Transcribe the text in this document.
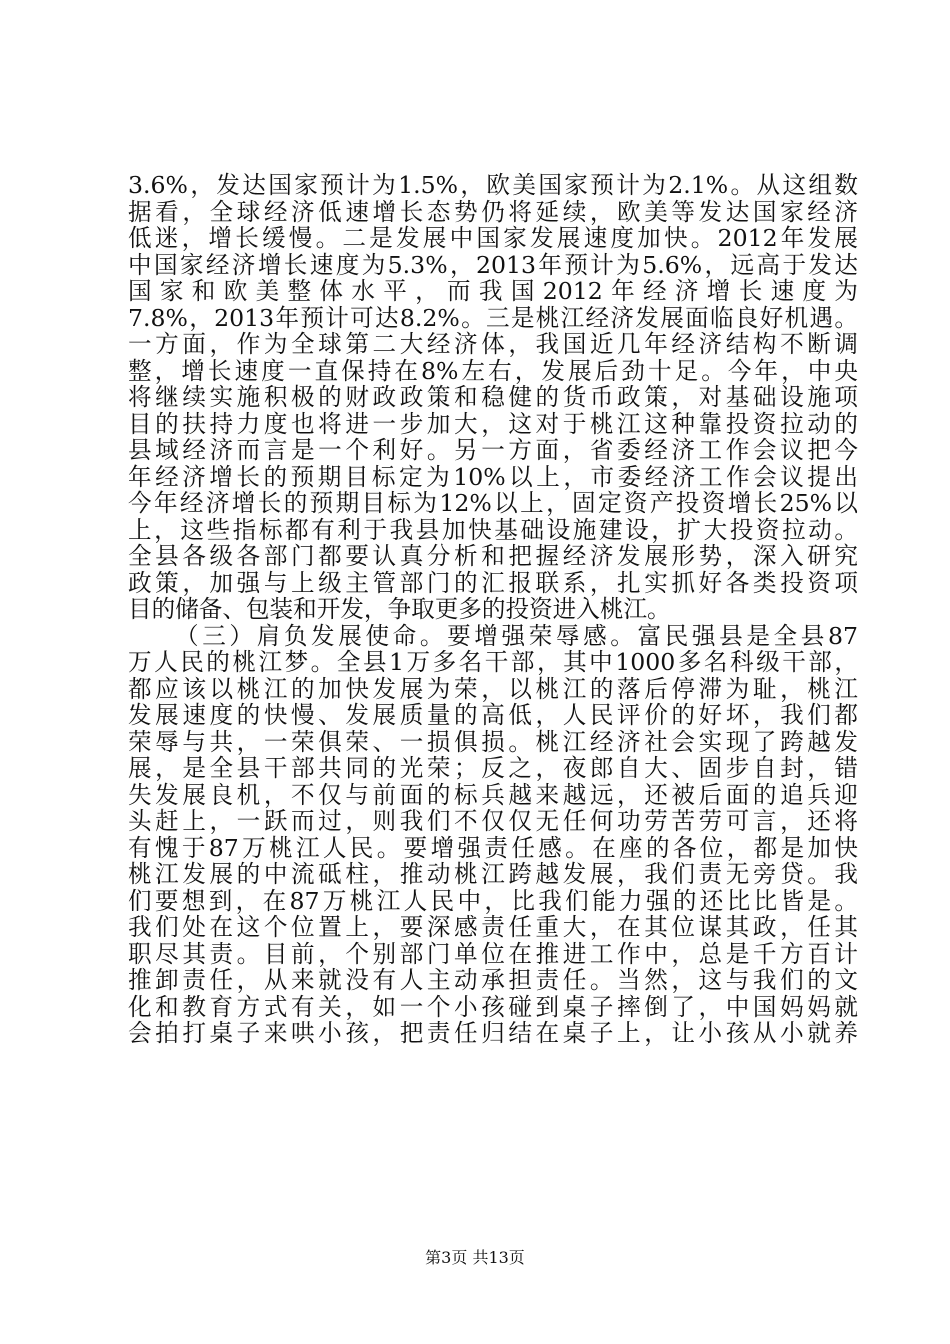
3.6%，发达国家预计为1.5%，欧美国家预计为2.1%。从这组数
据看，全球经济低速增长态势仍将延续，欧美等发达国家经济
低迷，增长缓慢。二是发展中国家发展速度加快。2012年发展
中国家经济增长速度为5.3%，2013年预计为5.6%，远高于发达
国家和欧美整体水平，而我国2012年经济增长速度为
7.8%，2013年预计可达8.2%。三是桃江经济发展面临良好机遇。
一方面，作为全球第二大经济体，我国近几年经济结构不断调
整，增长速度一直保持在8%左右，发展后劲十足。今年，中央
将继续实施积极的财政政策和稳健的货币政策，对基础设施项
目的扶持力度也将进一步加大，这对于桃江这种靠投资拉动的
县域经济而言是一个利好。另一方面，省委经济工作会议把今
年经济增长的预期目标定为10%以上，市委经济工作会议提出
今年经济增长的预期目标为12%以上，固定资产投资增长25%以
上，这些指标都有利于我县加快基础设施建设，扩大投资拉动。
全县各级各部门都要认真分析和把握经济发展形势，深入研究
政策，加强与上级主管部门的汇报联系，扎实抓好各类投资项
目的储备、包装和开发，争取更多的投资进入桃江。
（三）肩负发展使命。要增强荣辱感。富民强县是全县87
万人民的桃江梦。全县1万多名干部，其中1000多名科级干部，
都应该以桃江的加快发展为荣，以桃江的落后停滞为耻，桃江
发展速度的快慢、发展质量的高低，人民评价的好坏，我们都
荣辱与共，一荣俱荣、一损俱损。桃江经济社会实现了跨越发
展，是全县干部共同的光荣；反之，夜郎自大、固步自封，错
失发展良机，不仅与前面的标兵越来越远，还被后面的追兵迎
头赶上，一跃而过，则我们不仅仅无任何功劳苦劳可言，还将
有愧于87万桃江人民。要增强责任感。在座的各位，都是加快
桃江发展的中流砥柱，推动桃江跨越发展，我们责无旁贷。我
们要想到，在87万桃江人民中，比我们能力强的还比比皆是。
我们处在这个位置上，要深感责任重大，在其位谋其政，任其
职尽其责。目前，个别部门单位在推进工作中，总是千方百计
推卸责任，从来就没有人主动承担责任。当然，这与我们的文
化和教育方式有关，如一个小孩碰到桌子摔倒了，中国妈妈就
会拍打桌子来哄小孩，把责任归结在桌子上，让小孩从小就养
第3页 共13页
